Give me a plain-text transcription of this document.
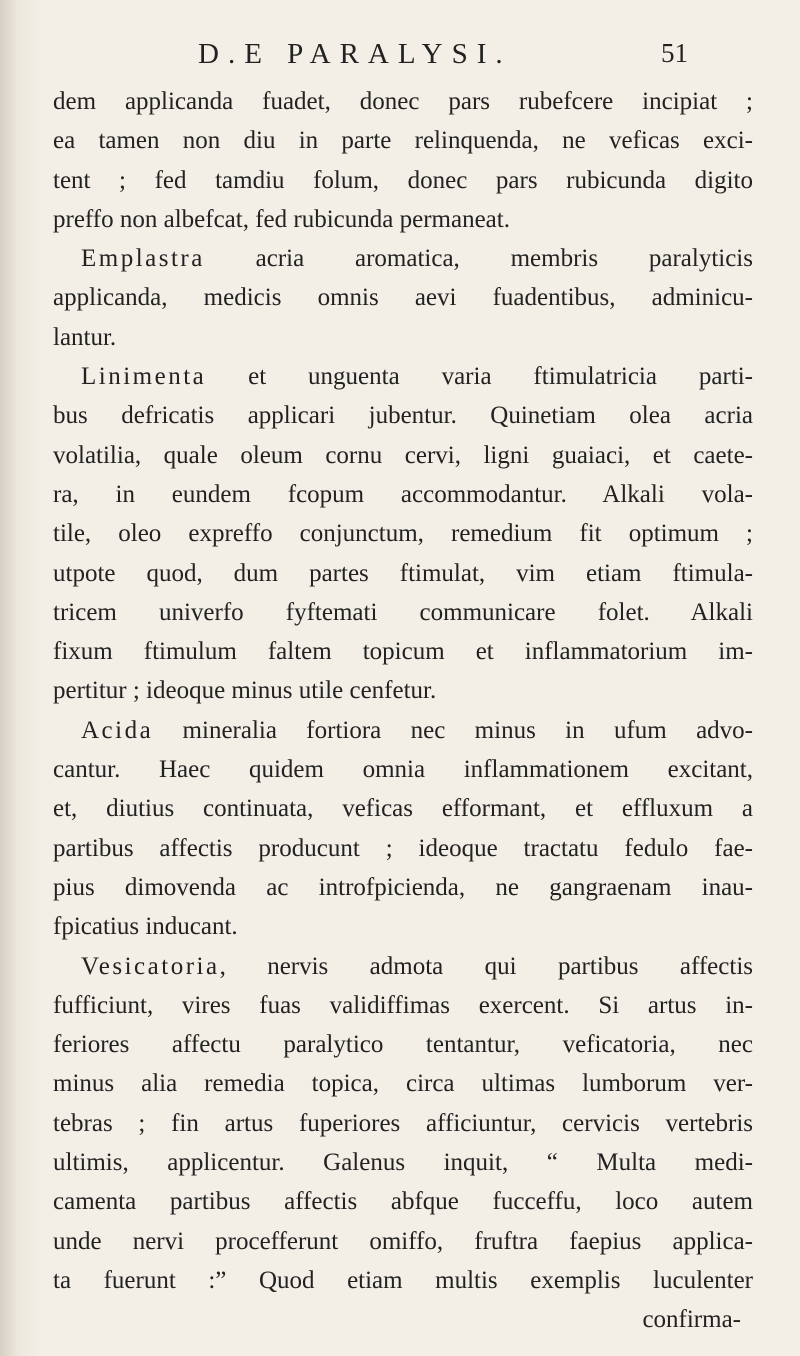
D.E PARALYSI.	51
dem applicanda fuadet, donec pars rubefcere incipiat ;
ea tamen non diu in parte relinquenda, ne veficas exci-
tent ; fed tamdiu folum, donec pars rubicunda digito
preffo non albefcat, fed rubicunda permaneat.
Emplastra acria aromatica, membris paralyticis
applicanda, medicis omnis aevi fuadentibus, adminicu-
lantur.
Linimenta et unguenta varia ftimulatricia parti-
bus defricatis applicari jubentur. Quinetiam olea acria
volatilia, quale oleum cornu cervi, ligni guaiaci, et caete-
ra, in eundem fcopum accommodantur. Alkali vola-
tile, oleo expreffo conjunctum, remedium fit optimum ;
utpote quod, dum partes ftimulat, vim etiam ftimula-
tricem univerfo fyftemati communicare folet. Alkali
fixum ftimulum faltem topicum et inflammatorium im-
pertitur ; ideoque minus utile cenfetur.
Acida mineralia fortiora nec minus in ufum advo-
cantur. Haec quidem omnia inflammationem excitant,
et, diutius continuata, veficas efformant, et effluxum a
partibus affectis producunt ; ideoque tractatu fedulo fae-
pius dimovenda ac introfpicienda, ne gangraenam inau-
fpicatius inducant.
Vesicatoria, nervis admota qui partibus affectis
fufficiunt, vires fuas validiffimas exercent. Si artus in-
feriores affectu paralytico tentantur, veficatoria, nec
minus alia remedia topica, circa ultimas lumborum ver-
tebras ; fin artus fuperiores afficiuntur, cervicis vertebris
ultimis, applicentur. Galenus inquit, “ Multa medi-
camenta partibus affectis abfque fucceffu, loco autem
unde nervi procefferunt omiffo, fruftra faepius applica-
ta fuerunt :” Quod etiam multis exemplis luculenter
confirma-
